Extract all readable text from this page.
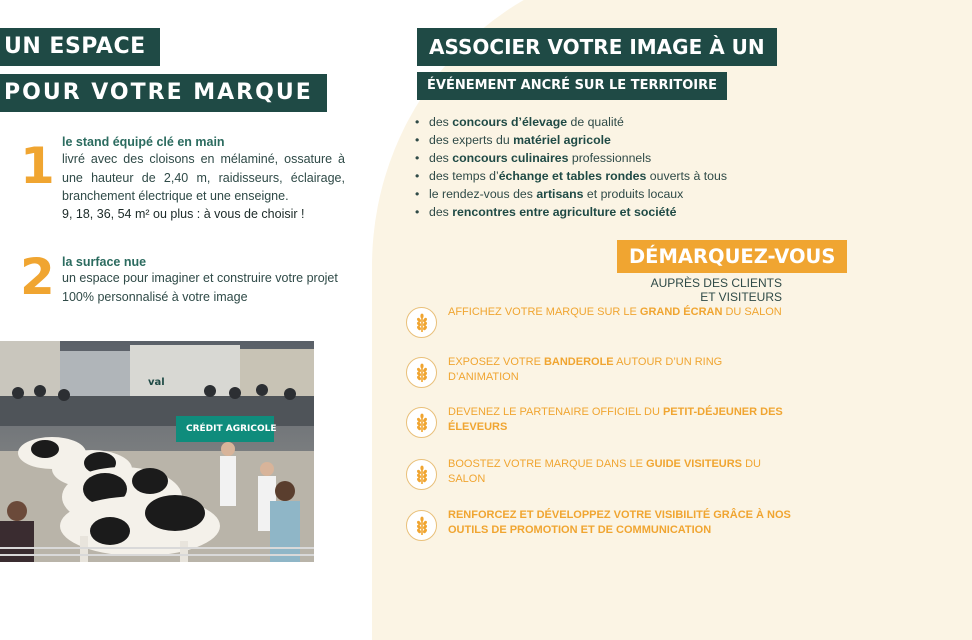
UN ESPACE
POUR VOTRE MARQUE
1 le stand équipé clé en main
livré avec des cloisons en mélaminé, ossature à une hauteur de 2,40 m, raidisseurs, éclairage, branchement électrique et une enseigne.
9, 18, 36, 54 m² ou plus : à vous de choisir !
2 la surface nue
un espace pour imaginer et construire votre projet 100% personnalisé à votre image
CRÉDIT AGRICOLE
val
ASSOCIER VOTRE IMAGE À UN
ÉVÉNEMENT ANCRÉ SUR LE TERRITOIRE
• des concours d’élevage de qualité
• des experts du matériel agricole
• des concours culinaires professionnels
• des temps d’échange et tables rondes ouverts à tous
• le rendez-vous des artisans et produits locaux
• des rencontres entre agriculture et société
DÉMARQUEZ-VOUS
AUPRÈS DES CLIENTS
ET VISITEURS
AFFICHEZ VOTRE MARQUE SUR LE GRAND ÉCRAN DU SALON
EXPOSEZ VOTRE BANDEROLE AUTOUR D’UN RING D’ANIMATION
DEVENEZ LE PARTENAIRE OFFICIEL DU PETIT-DÉJEUNER DES ÉLEVEURS
BOOSTEZ VOTRE MARQUE DANS LE GUIDE VISITEURS DU SALON
RENFORCEZ ET DÉVELOPPEZ VOTRE VISIBILITÉ GRÂCE À NOS OUTILS DE PROMOTION ET DE COMMUNICATION
